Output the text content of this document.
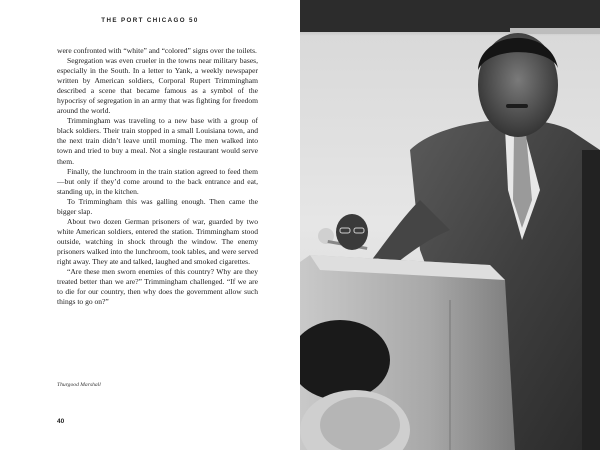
THE PORT CHICAGO 50

were confronted with “white” and “colored” signs over the toilets.

Segregation was even crueler in the towns near military bases, especially in the South. In a letter to Yank, a weekly newspaper written by American soldiers, Corporal Rupert Trimmingham described a scene that became famous as a symbol of the hypocrisy of segregation in an army that was fighting for freedom around the world.

Trimmingham was traveling to a new base with a group of black soldiers. Their train stopped in a small Louisiana town, and the next train didn’t leave until morning. The men walked into town and tried to buy a meal. Not a single restaurant would serve them.

Finally, the lunchroom in the train station agreed to feed them—but only if they’d come around to the back entrance and eat, standing up, in the kitchen.

To Trimmingham this was galling enough. Then came the bigger slap.

About two dozen German prisoners of war, guarded by two white American soldiers, entered the station. Trimmingham stood outside, watching in shock through the window. The enemy prisoners walked into the lunchroom, took tables, and were served right away. They ate and talked, laughed and smoked cigarettes.

“Are these men sworn enemies of this country? Why are they treated better than we are?” Trimmingham challenged. “If we are to die for our country, then why does the government allow such things to go on?”

Thurgood Marshall
40
